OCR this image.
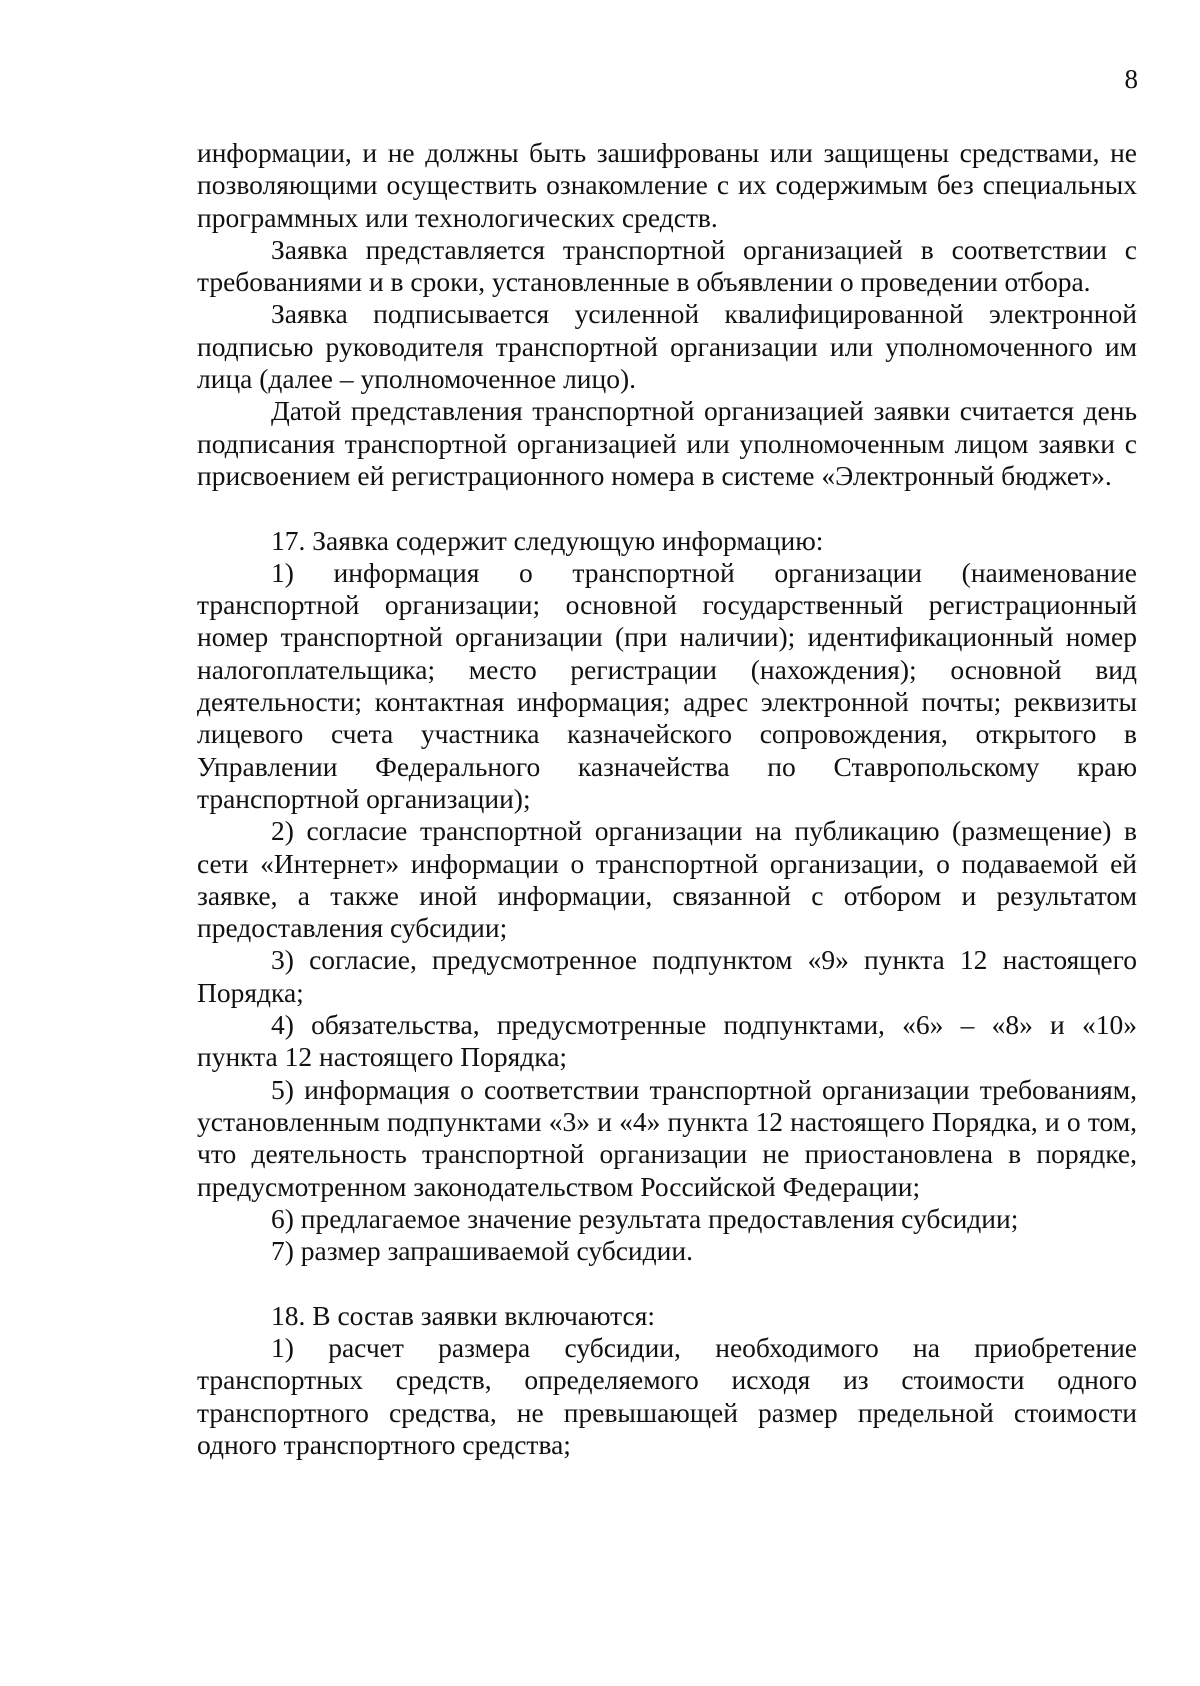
8

информации, и не должны быть зашифрованы или защищены средствами, не позволяющими осуществить ознакомление с их содержимым без специальных программных или технологических средств.

Заявка представляется транспортной организацией в соответствии с требованиями и в сроки, установленные в объявлении о проведении отбора.

Заявка подписывается усиленной квалифицированной электронной подписью руководителя транспортной организации или уполномоченного им лица (далее – уполномоченное лицо).

Датой представления транспортной организацией заявки считается день подписания транспортной организацией или уполномоченным лицом заявки с присвоением ей регистрационного номера в системе «Электронный бюджет».

17. Заявка содержит следующую информацию:

1) информация о транспортной организации (наименование транспортной организации; основной государственный регистрационный номер транспортной организации (при наличии); идентификационный номер налогоплательщика; место регистрации (нахождения); основной вид деятельности; контактная информация; адрес электронной почты; реквизиты лицевого счета участника казначейского сопровождения, открытого в Управлении Федерального казначейства по Ставропольскому краю транспортной организации);

2) согласие транспортной организации на публикацию (размещение) в сети «Интернет» информации о транспортной организации, о подаваемой ей заявке, а также иной информации, связанной с отбором и результатом предоставления субсидии;

3) согласие, предусмотренное подпунктом «9» пункта 12 настоящего Порядка;

4) обязательства, предусмотренные подпунктами, «6» – «8» и «10» пункта 12 настоящего Порядка;

5) информация о соответствии транспортной организации требованиям, установленным подпунктами «3» и «4» пункта 12 настоящего Порядка, и о том, что деятельность транспортной организации не приостановлена в порядке, предусмотренном законодательством Российской Федерации;

6) предлагаемое значение результата предоставления субсидии;

7) размер запрашиваемой субсидии.

18. В состав заявки включаются:

1) расчет размера субсидии, необходимого на приобретение транспортных средств, определяемого исходя из стоимости одного транспортного средства, не превышающей размер предельной стоимости одного транспортного средства;
